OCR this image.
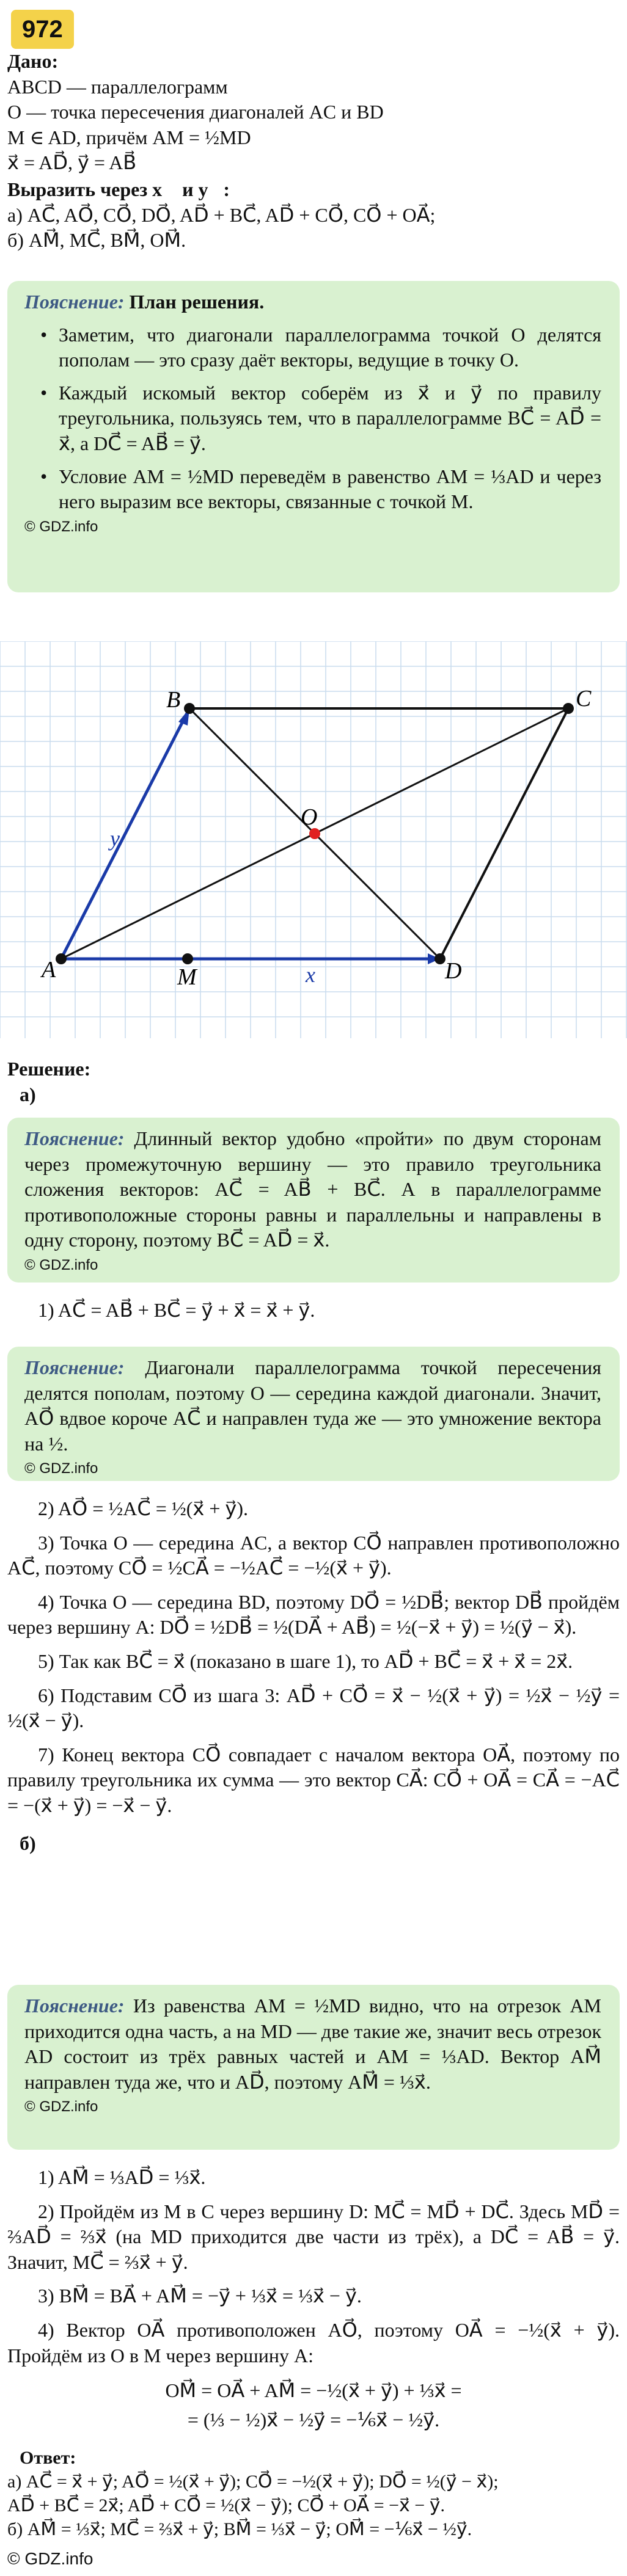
972

Дано:

ABCD — параллелограмм

O — точка пересечения диагоналей AC и BD

M ∈ AD, причём AM = ½MD

x⃗ = AD⃗, y⃗ = AB⃗

Выразить через x⃗ и y⃗:

а) AC⃗, AO⃗, CO⃗, DO⃗, AD⃗ + BC⃗, AD⃗ + CO⃗, CO⃗ + OA⃗;

б) AM⃗, MC⃗, BM⃗, OM⃗.

Пояснение: План решения.

• Заметим, что диагонали параллелограмма точкой O делятся пополам — это сразу даёт векторы, ведущие в точку O.

• Каждый искомый вектор соберём из x⃗ и y⃗ по правилу треугольника, пользуясь тем, что в параллелограмме BC⃗ = AD⃗ = x⃗, а DC⃗ = AB⃗ = y⃗.

• Условие AM = ½MD переведём в равенство AM = ⅓AD и через него выразим все векторы, связанные с точкой M.

© GDZ.info

A
B	C
D
O
M	x⃗
y⃗

Решение:

а)

Пояснение: Длинный вектор удобно «пройти» по двум сторонам через промежуточную вершину — это правило треугольника сложения векторов: AC⃗ = AB⃗ + BC⃗. А в параллелограмме противоположные стороны равны и параллельны и направлены в одну сторону, поэтому BC⃗ = AD⃗ = x⃗.

© GDZ.info

1) AC⃗ = AB⃗ + BC⃗ = y⃗ + x⃗ = x⃗ + y⃗.

Пояснение: Диагонали параллелограмма точкой пересечения делятся пополам, поэтому O — середина каждой диагонали. Значит, AO⃗ вдвое короче AC⃗ и направлен туда же — это умножение вектора на ½.

© GDZ.info

2) AO⃗ = ½AC⃗ = ½(x⃗ + y⃗).

3) Точка O — середина AC, а вектор CO⃗ направлен противоположно AC⃗, поэтому CO⃗ = ½CA⃗ = −½AC⃗ = −½(x⃗ + y⃗).

4) Точка O — середина BD, поэтому DO⃗ = ½DB⃗; вектор DB⃗ пройдём через вершину A: DO⃗ = ½DB⃗ = ½(DA⃗ + AB⃗) = ½(−x⃗ + y⃗) = ½(y⃗ − x⃗).

5) Так как BC⃗ = x⃗ (показано в шаге 1), то AD⃗ + BC⃗ = x⃗ + x⃗ = 2x⃗.

6) Подставим CO⃗ из шага 3: AD⃗ + CO⃗ = x⃗ − ½(x⃗ + y⃗) = ½x⃗ − ½y⃗ = ½(x⃗ − y⃗).

7) Конец вектора CO⃗ совпадает с началом вектора OA⃗, поэтому по правилу треугольника их сумма — это вектор CA⃗: CO⃗ + OA⃗ = CA⃗ = −AC⃗ = −(x⃗ + y⃗) = −x⃗ − y⃗.

б)

Пояснение: Из равенства AM = ½MD видно, что на отрезок AM приходится одна часть, а на MD — две такие же, значит весь отрезок AD состоит из трёх равных частей и AM = ⅓AD. Вектор AM⃗ направлен туда же, что и AD⃗, поэтому AM⃗ = ⅓x⃗.

© GDZ.info

1) AM⃗ = ⅓AD⃗ = ⅓x⃗.

2) Пройдём из M в C через вершину D: MC⃗ = MD⃗ + DC⃗. Здесь MD⃗ = ⅔AD⃗ = ⅔x⃗ (на MD приходится две части из трёх), а DC⃗ = AB⃗ = y⃗. Значит, MC⃗ = ⅔x⃗ + y⃗.

3) BM⃗ = BA⃗ + AM⃗ = −y⃗ + ⅓x⃗ = ⅓x⃗ − y⃗.

4) Вектор OA⃗ противоположен AO⃗, поэтому OA⃗ = −½(x⃗ + y⃗). Пройдём из O в M через вершину A:

OM⃗ = OA⃗ + AM⃗ = −½(x⃗ + y⃗) + ⅓x⃗ =

= (⅓ − ½)x⃗ − ½y⃗ = −⅙x⃗ − ½y⃗.

Ответ:

а) AC⃗ = x⃗ + y⃗; AO⃗ = ½(x⃗ + y⃗); CO⃗ = −½(x⃗ + y⃗); DO⃗ = ½(y⃗ − x⃗);

AD⃗ + BC⃗ = 2x⃗; AD⃗ + CO⃗ = ½(x⃗ − y⃗); CO⃗ + OA⃗ = −x⃗ − y⃗.

б) AM⃗ = ⅓x⃗; MC⃗ = ⅔x⃗ + y⃗; BM⃗ = ⅓x⃗ − y⃗; OM⃗ = −⅙x⃗ − ½y⃗.

© GDZ.info
